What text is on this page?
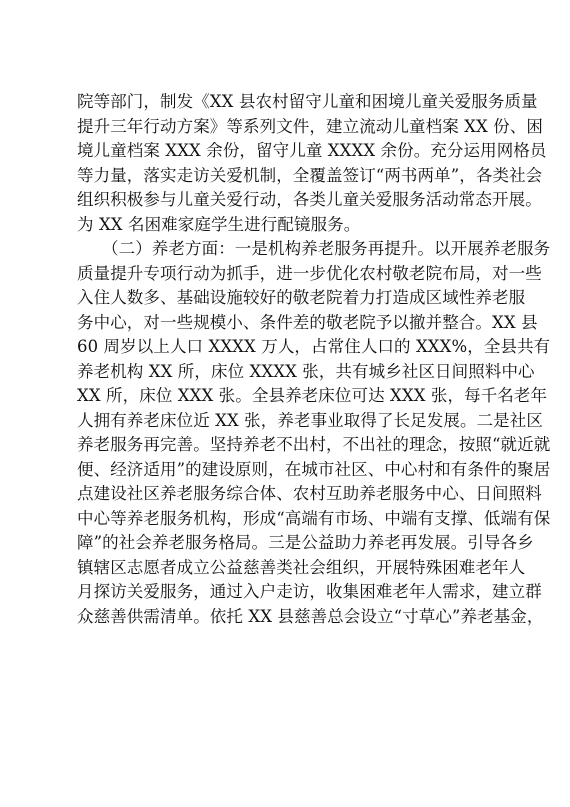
院等部门，制发《XX 县农村留守儿童和困境儿童关爱服务质量
提升三年行动方案》等系列文件，建立流动儿童档案 XX 份、困
境儿童档案 XXX 余份，留守儿童 XXXX 余份。充分运用网格员
等力量，落实走访关爱机制，全覆盖签订“两书两单”，各类社会
组织积极参与儿童关爱行动，各类儿童关爱服务活动常态开展。
为 XX 名困难家庭学生进行配镜服务。
（二）养老方面：一是机构养老服务再提升。以开展养老服务
质量提升专项行动为抓手，进一步优化农村敬老院布局，对一些
入住人数多、基础设施较好的敬老院着力打造成区域性养老服
务中心，对一些规模小、条件差的敬老院予以撤并整合。XX 县
60 周岁以上人口 XXXX 万人，占常住人口的 XXX%，全县共有
养老机构 XX 所，床位 XXXX 张，共有城乡社区日间照料中心
XX 所，床位 XXX 张。全县养老床位可达 XXX 张，每千名老年
人拥有养老床位近 XX 张，养老事业取得了长足发展。二是社区
养老服务再完善。坚持养老不出村，不出社的理念，按照“就近就
便、经济适用”的建设原则，在城市社区、中心村和有条件的聚居
点建设社区养老服务综合体、农村互助养老服务中心、日间照料
中心等养老服务机构，形成“高端有市场、中端有支撑、低端有保
障”的社会养老服务格局。三是公益助力养老再发展。引导各乡
镇辖区志愿者成立公益慈善类社会组织，开展特殊困难老年人
月探访关爱服务，通过入户走访，收集困难老年人需求，建立群
众慈善供需清单。依托 XX 县慈善总会设立“寸草心”养老基金，
